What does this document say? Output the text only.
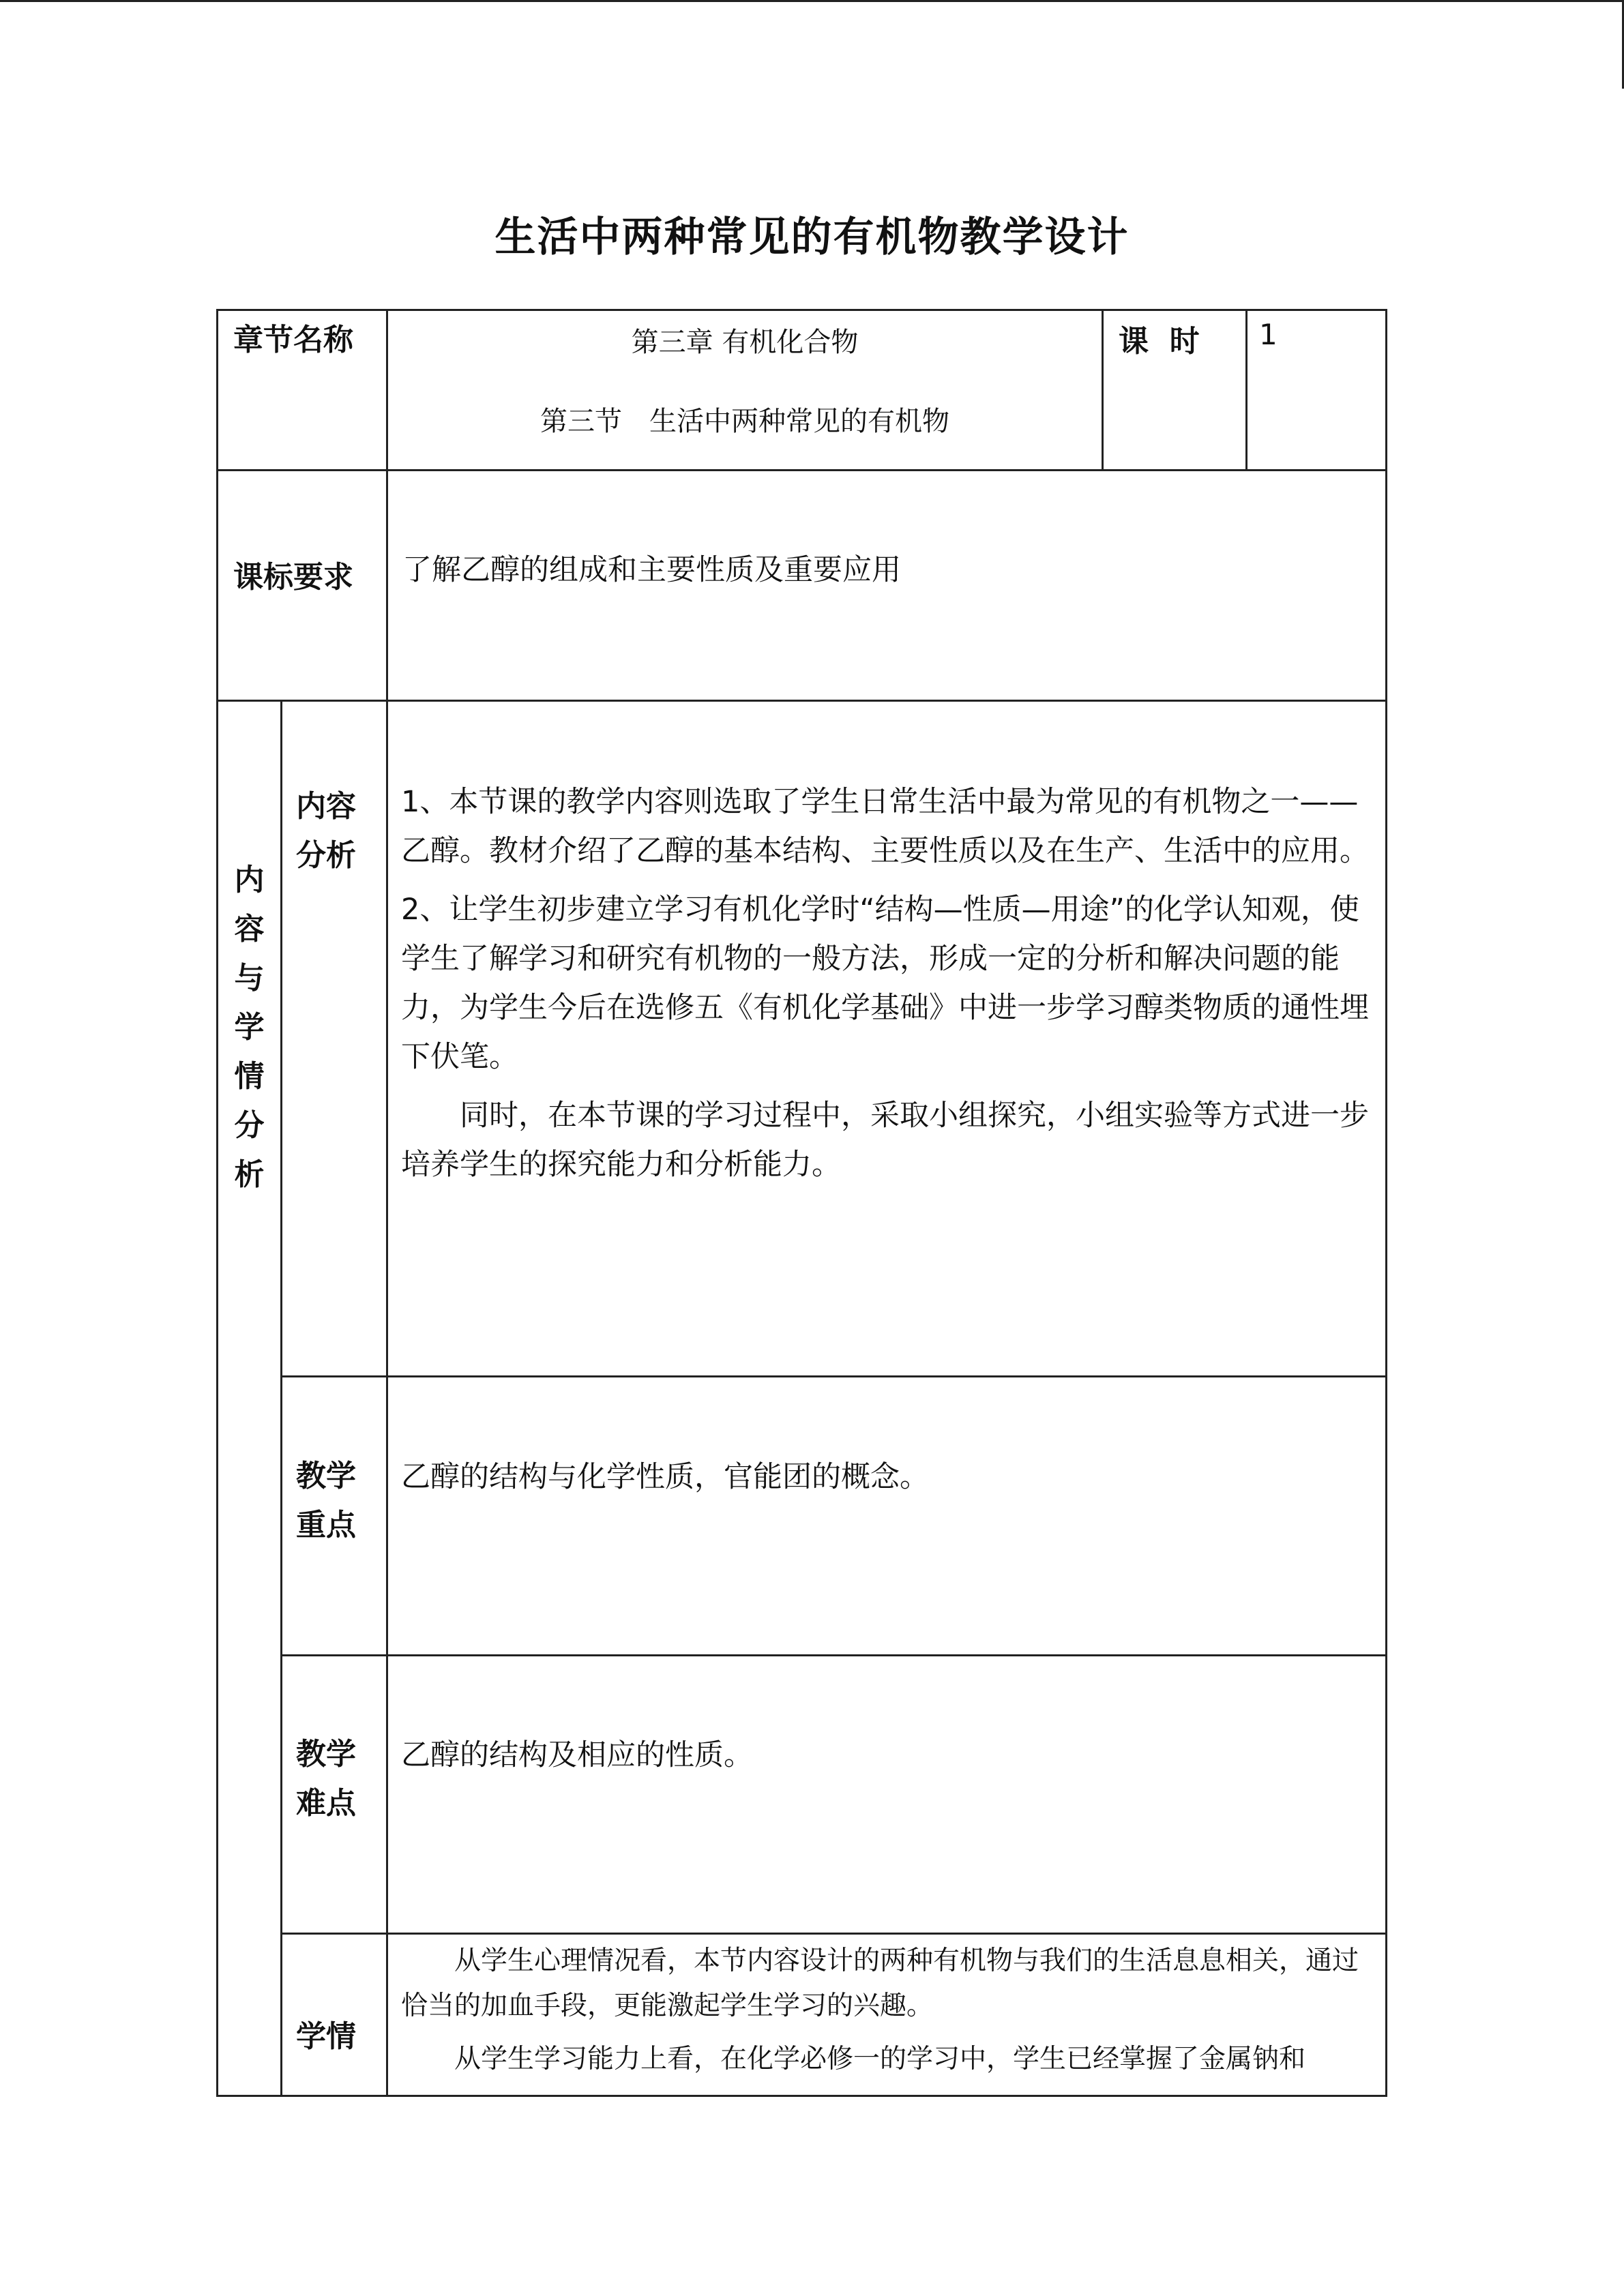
生活中两种常见的有机物教学设计
章节名称	第三章 有机化合物
第三节　生活中两种常见的有机物
课  时 1
课标要求 了解乙醇的组成和主要性质及重要应用
内
容
与
学
情
分
析
内容
分析

1、本节课的教学内容则选取了学生日常生活中最为常见的有机物之一——乙醇。教材介绍了乙醇的基本结构、主要性质以及在生产、生活中的应用。

2、让学生初步建立学习有机化学时“结构—性质—用途”的化学认知观，使学生了解学习和研究有机物的一般方法，形成一定的分析和解决问题的能力，为学生今后在选修五《有机化学基础》中进一步学习醇类物质的通性埋下伏笔。

同时，在本节课的学习过程中，采取小组探究，小组实验等方式进一步培养学生的探究能力和分析能力。

教学
重点
乙醇的结构与化学性质，官能团的概念。
教学
难点
乙醇的结构及相应的性质。
学情

从学生心理情况看，本节内容设计的两种有机物与我们的生活息息相关，通过恰当的加血手段，更能激起学生学习的兴趣。

从学生学习能力上看，在化学必修一的学习中，学生已经掌握了金属钠和
